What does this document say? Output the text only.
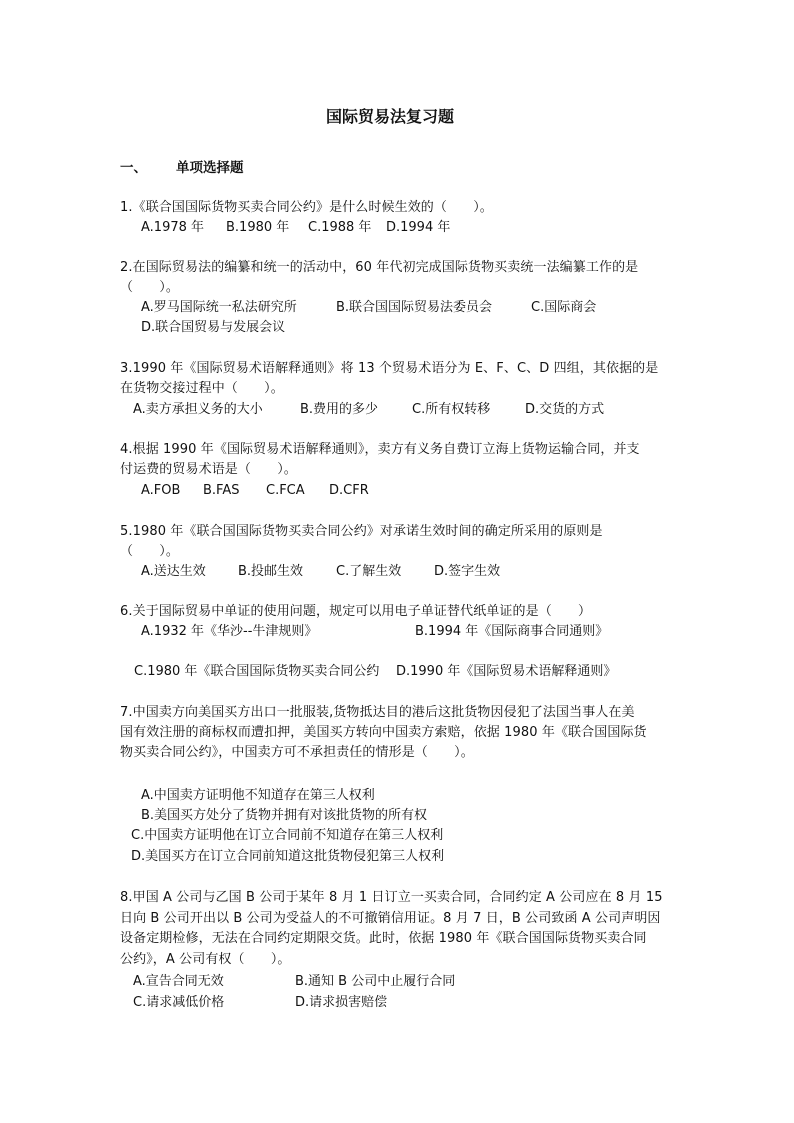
国际贸易法复习题
一、 单项选择题
1.《联合国国际货物买卖合同公约》是什么时候生效的（　　）。
A.1978 年 B.1980 年 C.1988 年 D.1994 年
2.在国际贸易法的编纂和统一的活动中，60 年代初完成国际货物买卖统一法编纂工作的是
（　　）。
A.罗马国际统一私法研究所	B.联合国国际贸易法委员会	C.国际商会
D.联合国贸易与发展会议
3.1990 年《国际贸易术语解释通则》将 13 个贸易术语分为 E、F、C、D 四组，其依据的是
在货物交接过程中（　　）。
A.卖方承担义务的大小	B.费用的多少	C.所有权转移	D.交货的方式
4.根据 1990 年《国际贸易术语解释通则》，卖方有义务自费订立海上货物运输合同，并支
付运费的贸易术语是（　　）。
A.FOB B.FAS C.FCA D.CFR
5.1980 年《联合国国际货物买卖合同公约》对承诺生效时间的确定所采用的原则是
（　　）。
A.送达生效 B.投邮生效	C.了解生效	D.签字生效
6.关于国际贸易中单证的使用问题，规定可以用电子单证替代纸单证的是（　　）
A.1932 年《华沙--牛津规则》	B.1994 年《国际商事合同通则》
C.1980 年《联合国国际货物买卖合同公约 D.1990 年《国际贸易术语解释通则》
7.中国卖方向美国买方出口一批服装,货物抵达目的港后这批货物因侵犯了法国当事人在美
国有效注册的商标权而遭扣押，美国买方转向中国卖方索赔，依据 1980 年《联合国国际货
物买卖合同公约》，中国卖方可不承担责任的情形是（　　）。
A.中国卖方证明他不知道存在第三人权利
B.美国买方处分了货物并拥有对该批货物的所有权
C.中国卖方证明他在订立合同前不知道存在第三人权利
D.美国买方在订立合同前知道这批货物侵犯第三人权利
8.甲国 A 公司与乙国 B 公司于某年 8 月 1 日订立一买卖合同，合同约定 A 公司应在 8 月 15
日向 B 公司开出以 B 公司为受益人的不可撤销信用证。8 月 7 日，B 公司致函 A 公司声明因
设备定期检修，无法在合同约定期限交货。此时，依据 1980 年《联合国国际货物买卖合同
公约》，A 公司有权（　　）。
A.宣告合同无效	B.通知 B 公司中止履行合同
C.请求减低价格	D.请求损害赔偿
